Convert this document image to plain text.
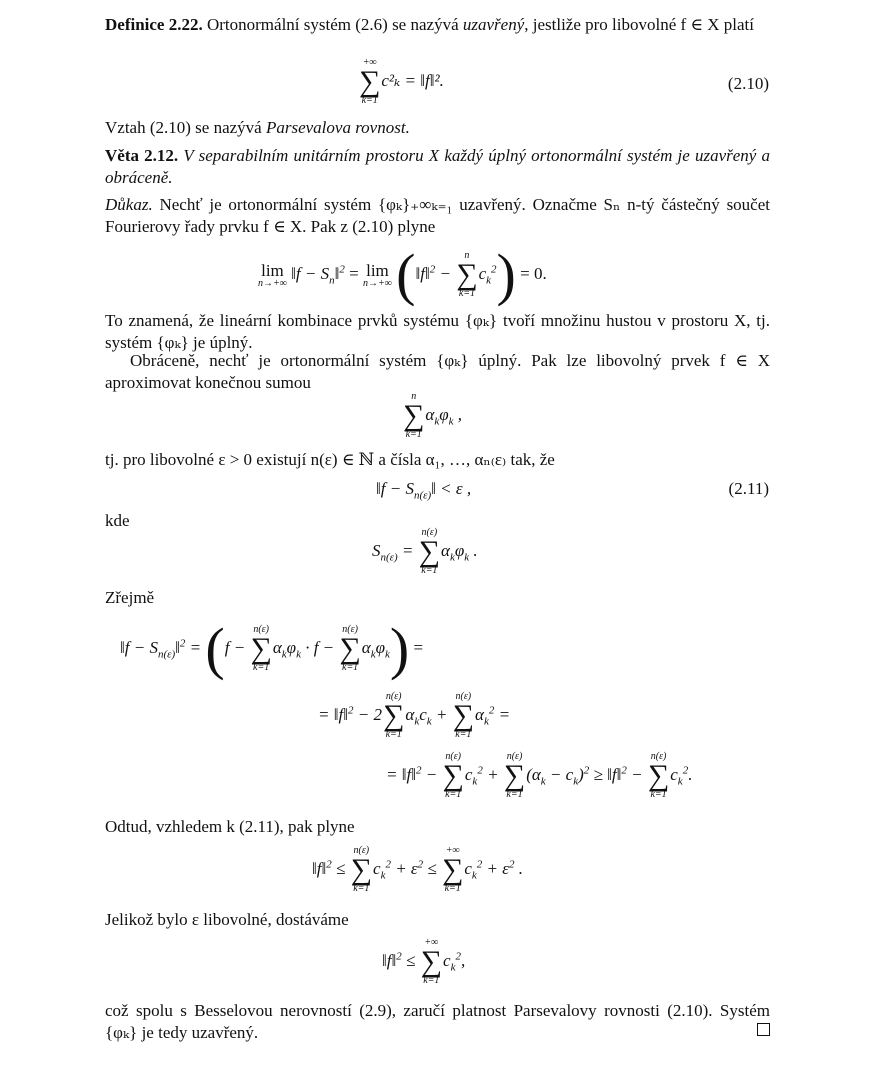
Definice 2.22. Ortonormální systém (2.6) se nazývá uzavřený, jestliže pro libovolné f ∈ X platí

+∞
∑
k=1
c²ₖ = ‖f‖².	(2.10)

Vztah (2.10) se nazývá Parsevalova rovnost.

Věta 2.12. V separabilním unitárním prostoru X každý úplný ortonormální systém je uzavřený a obráceně.

Důkaz. Nechť je ortonormální systém {φₖ}₊∞ₖ₌₁ uzavřený. Označme Sₙ n-tý částečný součet Fourierovy řady prvku f ∈ X. Pak z (2.10) plyne

lim
n→+∞
‖f − $S_n‖^2 = \lim$
n→+∞ (‖f‖$^2$ −
n
∑
k=1
$c_k^2) = 0$.

To znamená, že lineární kombinace prvků systému {φₖ} tvoří množinu hustou v prostoru X, tj. systém {φₖ} je úplný.

Obráceně, nechť je ortonormální systém {φₖ} úplný. Pak lze libovolný prvek f ∈ X aproximovat konečnou sumou

n
∑
k=1
$\alpha_k\varphi_k$ ,

tj. pro libovolné ε > 0 existují n(ε) ∈ ℕ a čísla α₁, …, αₙ₍ε₎ tak, že

‖f − $S_{n(\varepsilon)}‖ < \varepsilon$ ,	(2.11)

kde

$S_{n(\varepsilon)}$ =
n(ε)
∑
k=1
$\alpha_k\varphi_k$ .

Zřejmě

‖f − $S_{n(\varepsilon)}‖^2 = (f$ −
n(ε)
∑
k=1
$\alpha_k\varphi_k \cdot f$ −
n(ε)
∑
k=1
$\alpha_k\varphi_k$) =
= ‖f‖$^2$ − 2
n(ε)
∑
k=1
$\alpha_kc_k$ +
n(ε)
∑
k=1
$\alpha_k^2$ =
= ‖f‖$^2$ −
n(ε)
∑
k=1
$c_k^2$ +
n(ε)
∑
k=1
$(\alpha_k - c_k)^2$ ≥ ‖f‖$^2$ −
n(ε)
∑
k=1
$c_k^2$.

Odtud, vzhledem k (2.11), pak plyne

‖f‖$^2$ ≤
n(ε)
∑
k=1
$c_k^2 + \varepsilon^2$ ≤
+∞
∑
k=1
$c_k^2 + \varepsilon^2$ .

Jelikož bylo ε libovolné, dostáváme

‖f‖$^2$ ≤
+∞
∑
k=1
$c_k^2$,

což spolu s Besselovou nerovností (2.9), zaručí platnost Parsevalovy rovnosti (2.10). Systém {φₖ} je tedy uzavřený.
